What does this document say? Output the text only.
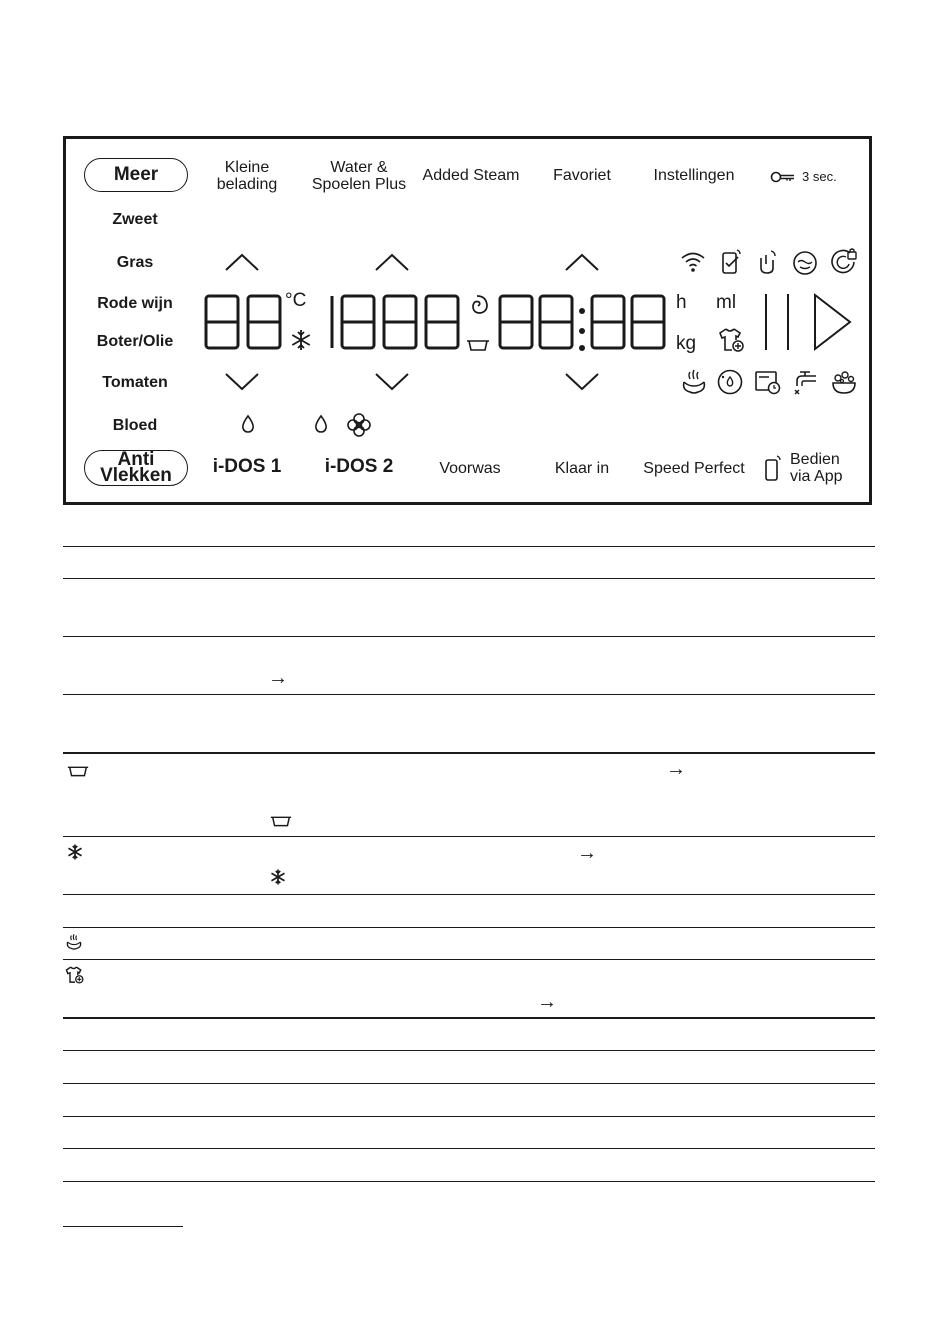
Meer	Kleine
belading
Water &
Spoelen Plus
Added Steam	Favoriet	Instellingen	3 sec.
Zweet
Gras
Rode wijn
Boter/Olie
Tomaten
Bloed
°C	h ml
kg
Anti
Vlekken	i-DOS 1	i-DOS 2	Voorwas	Klaar in	Speed Perfect
Bedien
via App
→
→
→
→
